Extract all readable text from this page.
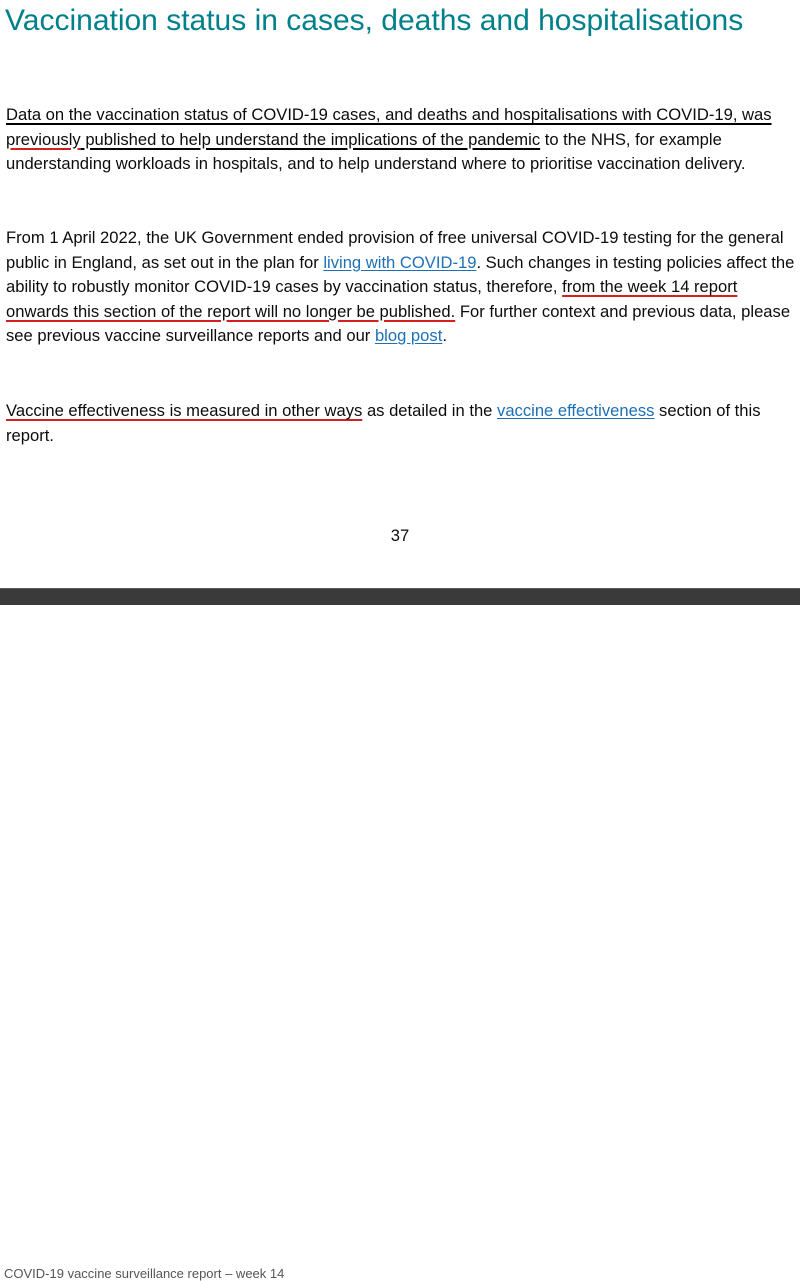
Vaccination status in cases, deaths and hospitalisations

Data on the vaccination status of COVID-19 cases, and deaths and hospitalisations with COVID-19, was previously published to help understand the implications of the pandemic to the NHS, for example understanding workloads in hospitals, and to help understand where to prioritise vaccination delivery.

From 1 April 2022, the UK Government ended provision of free universal COVID-19 testing for the general public in England, as set out in the plan for living with COVID-19. Such changes in testing policies affect the ability to robustly monitor COVID-19 cases by vaccination status, therefore, from the week 14 report onwards this section of the report will no longer be published. For further context and previous data, please see previous vaccine surveillance reports and our blog post.

Vaccine effectiveness is measured in other ways as detailed in the vaccine effectiveness section of this report.

37
COVID-19 vaccine surveillance report – week 14
